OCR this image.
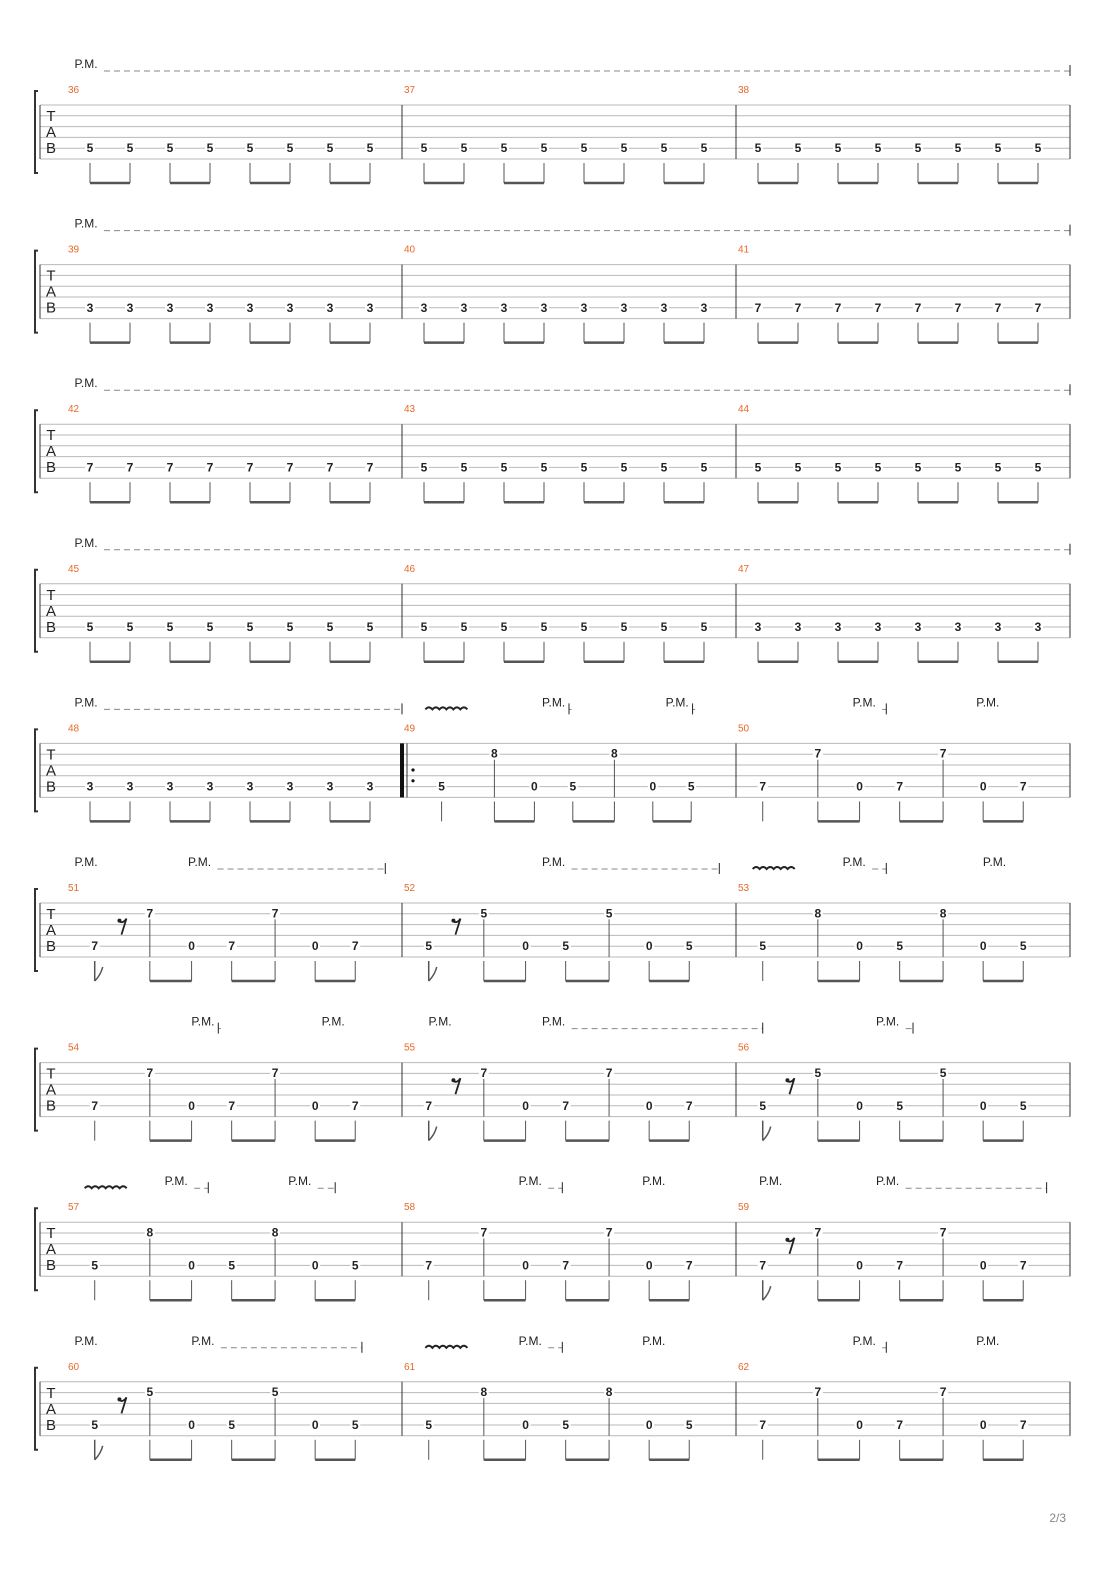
T
A
B
P.M.
36
5	5	5	5	5	5	5	5
37
5	5	5	5	5	5	5	5
38
5	5	5	5	5	5	5	5
T
A
B
P.M.
39
3	3	3	3	3	3	3	3
40
3	3	3	3	3	3	3	3
41
7	7	7	7	7	7	7	7
T
A
B
P.M.
42
7	7	7	7	7	7	7	7
43
5	5	5	5	5	5	5	5
44
5	5	5	5	5	5	5	5
T
A
B
P.M.
45
5	5	5	5	5	5	5	5
46
5	5	5	5	5	5	5	5
47
3	3	3	3	3	3	3	3
T
A
B
P.M.	P.M.	P.M.	P.M.	P.M.
48
3	3	3	3	3	3	3	3
49
5
8
0	5
8
0	5
50
7
7
0	7
7
0	7
T
A
B
P.M.	P.M.	P.M.	P.M.	P.M.
51
7
7
0	7
7
0	7
52
5
5
0	5
5
0	5
53
5
8
0	5
8
0	5
T
A
B
P.M.	P.M.	P.M.	P.M.	P.M.
54
7
7
0	7
7
0	7
55
7
7
0	7
7
0	7
56
5
5
0	5
5
0	5
T
A
B
P.M.	P.M.	P.M.	P.M.	P.M.	P.M.
57
5
8
0	5
8
0	5
58
7
7
0	7
7
0	7
59
7
7
0	7
7
0	7
T
A
B
P.M.	P.M.	P.M.	P.M.	P.M.	P.M.
60
5
5
0	5
5
0	5
61
5
8
0	5
8
0	5
62
7
7
0	7
7
0	7
2/3
